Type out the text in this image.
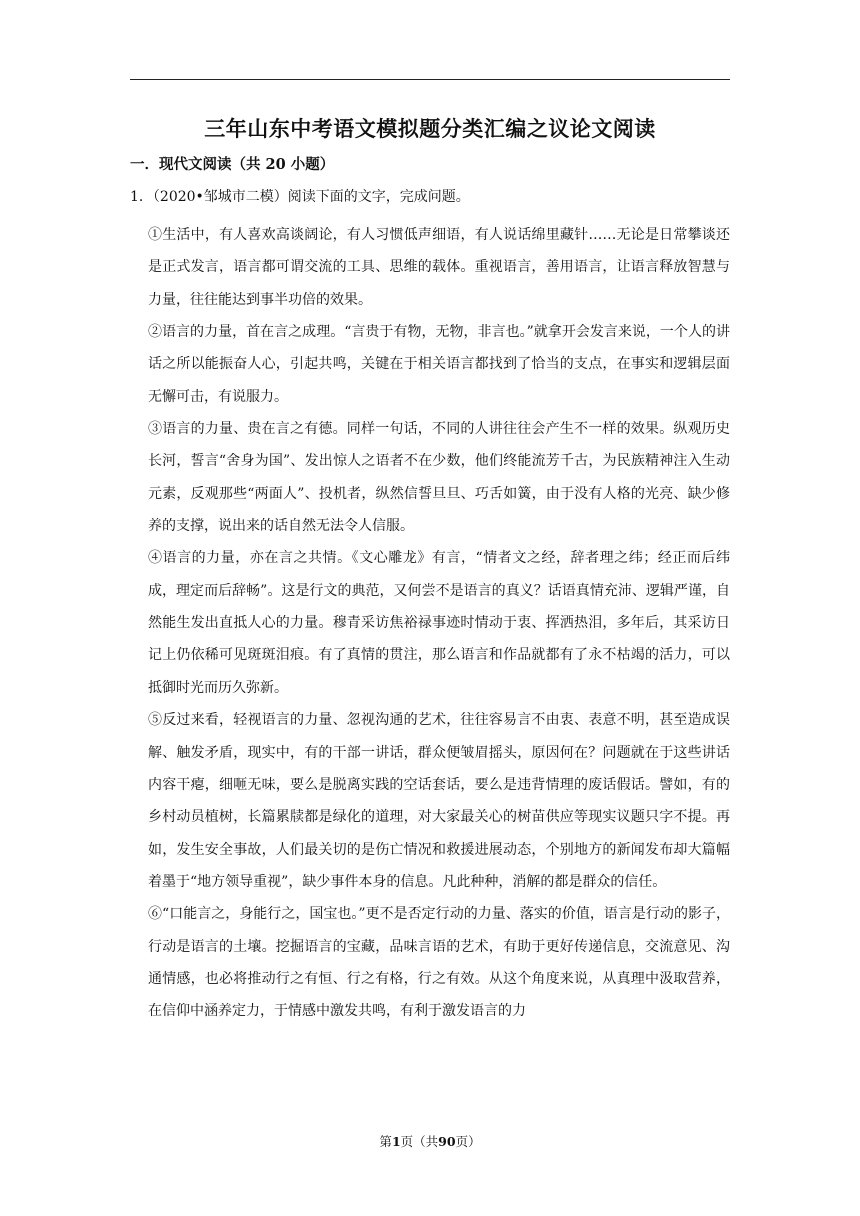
三年山东中考语文模拟题分类汇编之议论文阅读
一．现代文阅读（共 20 小题）

1．（2020•邹城市二模）阅读下面的文字，完成问题。

①生活中，有人喜欢高谈阔论，有人习惯低声细语，有人说话绵里藏针……无论是日常攀谈还是正式发言，语言都可谓交流的工具、思维的载体。重视语言，善用语言，让语言释放智慧与力量，往往能达到事半功倍的效果。

②语言的力量，首在言之成理。“言贵于有物，无物，非言也。”就拿开会发言来说，一个人的讲话之所以能振奋人心，引起共鸣，关键在于相关语言都找到了恰当的支点，在事实和逻辑层面无懈可击，有说服力。

③语言的力量、贵在言之有德。同样一句话，不同的人讲往往会产生不一样的效果。纵观历史长河，誓言“舍身为国”、发出惊人之语者不在少数，他们终能流芳千古，为民族精神注入生动元素，反观那些“两面人”、投机者，纵然信誓旦旦、巧舌如簧，由于没有人格的光亮、缺少修养的支撑，说出来的话自然无法令人信服。

④语言的力量，亦在言之共情。《文心雕龙》有言，“情者文之经，辞者理之纬；经正而后纬成，理定而后辞畅”。这是行文的典范，又何尝不是语言的真义？话语真情充沛、逻辑严谨，自然能生发出直抵人心的力量。穆青采访焦裕禄事迹时情动于衷、挥洒热泪，多年后，其采访日记上仍依稀可见斑斑泪痕。有了真情的贯注，那么语言和作品就都有了永不枯竭的活力，可以抵御时光而历久弥新。

⑤反过来看，轻视语言的力量、忽视沟通的艺术，往往容易言不由衷、表意不明，甚至造成误解、触发矛盾，现实中，有的干部一讲话，群众便皱眉摇头，原因何在？问题就在于这些讲话内容干瘪，细咂无味，要么是脱离实践的空话套话，要么是违背情理的废话假话。譬如，有的乡村动员植树，长篇累牍都是绿化的道理，对大家最关心的树苗供应等现实议题只字不提。再如，发生安全事故，人们最关切的是伤亡情况和救援进展动态，个别地方的新闻发布却大篇幅着墨于“地方领导重视”，缺少事件本身的信息。凡此种种，消解的都是群众的信任。

⑥“口能言之，身能行之，国宝也。”更不是否定行动的力量、落实的价值，语言是行动的影子，行动是语言的土壤。挖掘语言的宝藏，品味言语的艺术，有助于更好传递信息，交流意见、沟通情感，也必将推动行之有恒、行之有格，行之有效。从这个角度来说，从真理中汲取营养，在信仰中涵养定力，于情感中激发共鸣，有利于激发语言的力

第1页（共90页）
